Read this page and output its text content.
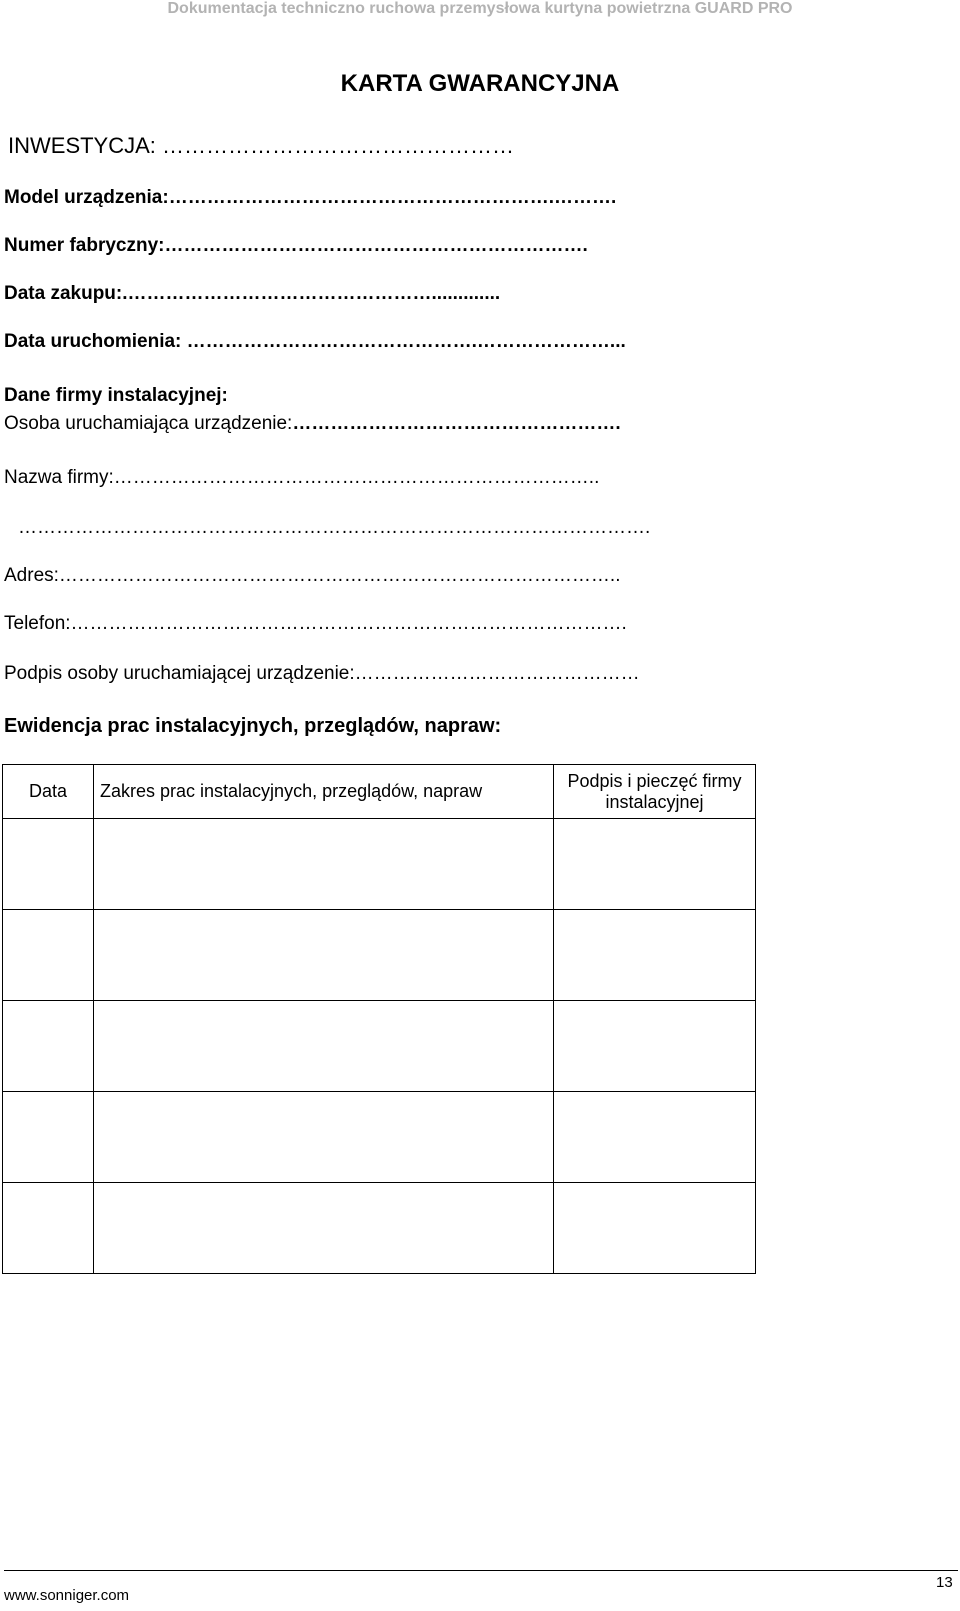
Dokumentacja techniczno ruchowa przemysłowa kurtyna powietrzna GUARD PRO
KARTA GWARANCYJNA
INWESTYCJA: …………………………………………
Model urządzenia:…………………………………………………….……….
Numer fabryczny:………………………………………………………….
Data zakupu:.………………………………………….............
Data uruchomienia: ……………………………………….…………………...
Dane firmy instalacyjnej:
Osoba uruchamiająca urządzenie:…………………………………………….
Nazwa firmy:…………………………………………………………………..
……………………………………………………………………………………….
Adres:……………………………………………………………………………..
Telefon:…………………………………………………………………………….
Podpis osoby uruchamiającej urządzenie:………………………………………
Ewidencja prac instalacyjnych, przeglądów, napraw:
Data	Zakres prac instalacyjnych, przeglądów, napraw	Podpis i pieczęć firmy instalacyjnej

www.sonniger.com
13
